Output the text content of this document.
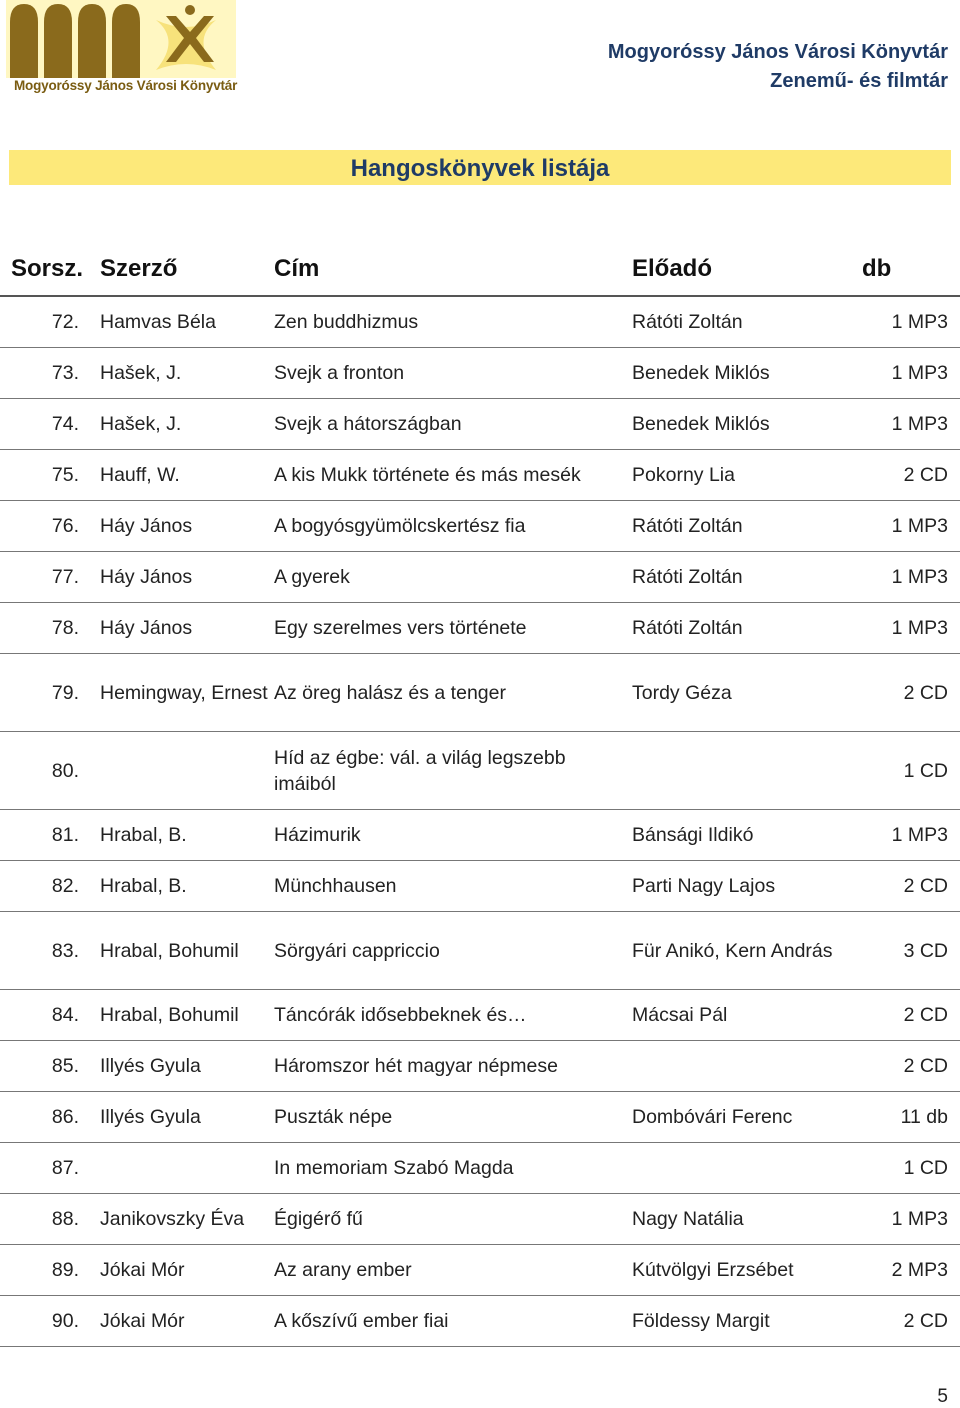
Mogyoróssy János Városi Könyvtár
Mogyoróssy János Városi Könyvtár
Zenemű- és filmtár
Hangoskönyvek listája
Sorsz.	Szerző	Cím	Előadó	db
72.	Hamvas Béla	Zen buddhizmus	Rátóti Zoltán	1 MP3
73.	Hašek, J.	Svejk a fronton	Benedek Miklós	1 MP3
74.	Hašek, J.	Svejk a hátországban	Benedek Miklós	1 MP3
75.	Hauff, W.	A kis Mukk története és más mesék	Pokorny Lia	2 CD
76.	Háy János	A bogyósgyümölcskertész fia	Rátóti Zoltán	1 MP3
77.	Háy János	A gyerek	Rátóti Zoltán	1 MP3
78.	Háy János	Egy szerelmes vers története	Rátóti Zoltán	1 MP3
79.	Hemingway, Ernest	Az öreg halász és a tenger	Tordy Géza	2 CD
80.		Híd az égbe: vál. a világ legszebb imáiból		1 CD
81.	Hrabal, B.	Házimurik	Bánsági Ildikó	1 MP3
82.	Hrabal, B.	Münchhausen	Parti Nagy Lajos	2 CD
83.	Hrabal, Bohumil	Sörgyári cappriccio	Für Anikó, Kern András	3 CD
84.	Hrabal, Bohumil	Táncórák idősebbeknek és…	Mácsai Pál	2 CD
85.	Illyés Gyula	Háromszor hét magyar népmese		2 CD
86.	Illyés Gyula	Puszták népe	Dombóvári Ferenc	11 db
87.		In memoriam Szabó Magda		1 CD
88.	Janikovszky Éva	Égigérő fű	Nagy Natália	1 MP3
89.	Jókai Mór	Az arany ember	Kútvölgyi Erzsébet	2 MP3
90.	Jókai Mór	A kőszívű ember fiai	Földessy Margit	2 CD
5
